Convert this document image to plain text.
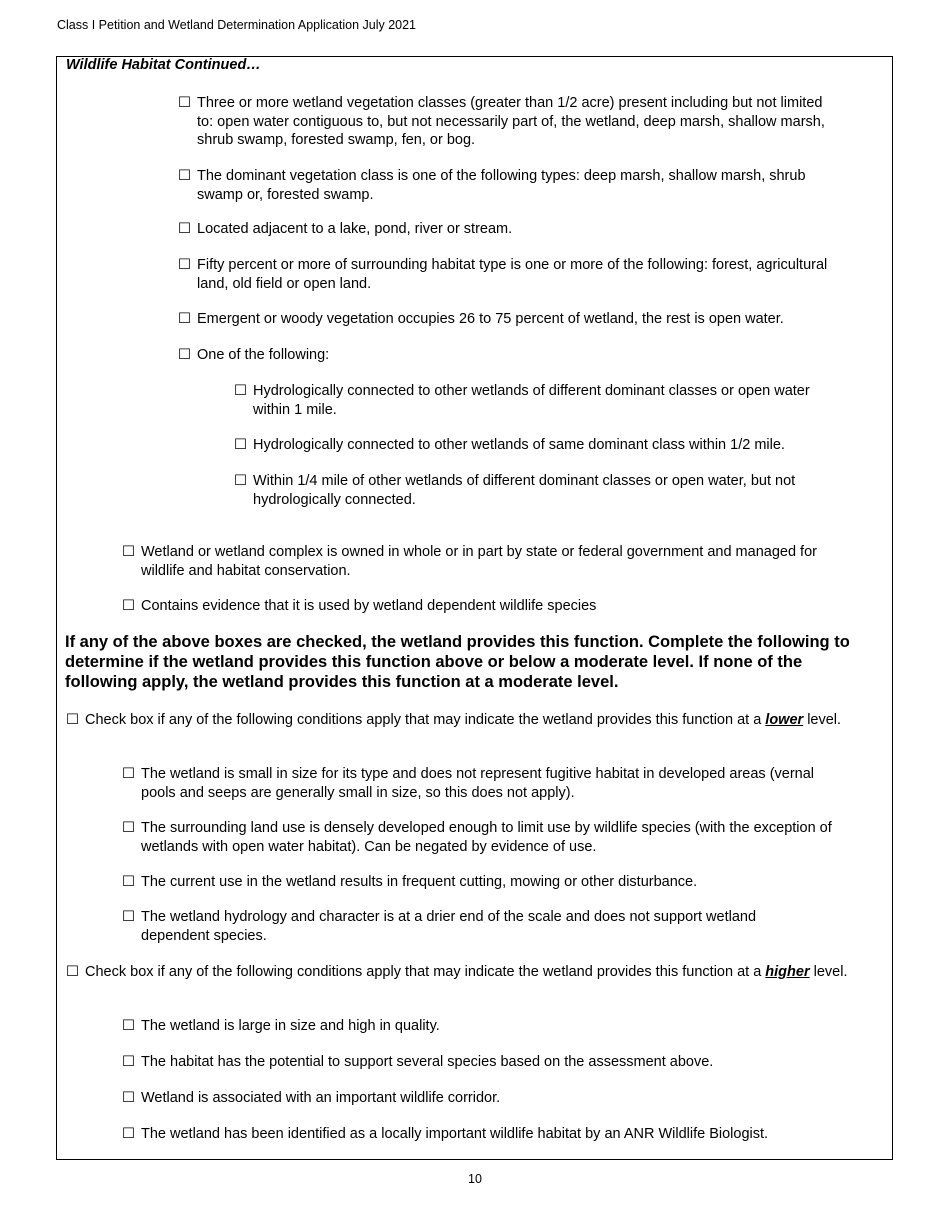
Class I Petition and Wetland Determination Application July 2021
Wildlife Habitat Continued…
☐ Three or more wetland vegetation classes (greater than 1/2 acre) present including but not limited to: open water contiguous to, but not necessarily part of, the wetland, deep marsh, shallow marsh, shrub swamp, forested swamp, fen, or bog.
☐ The dominant vegetation class is one of the following types: deep marsh, shallow marsh, shrub swamp or, forested swamp.
☐ Located adjacent to a lake, pond, river or stream.
☐ Fifty percent or more of surrounding habitat type is one or more of the following: forest, agricultural land, old field or open land.
☐ Emergent or woody vegetation occupies 26 to 75 percent of wetland, the rest is open water.
☐ One of the following:
☐ Hydrologically connected to other wetlands of different dominant classes or open water within 1 mile.
☐ Hydrologically connected to other wetlands of same dominant class within 1/2 mile.
☐ Within 1/4 mile of other wetlands of different dominant classes or open water, but not hydrologically connected.
☐ Wetland or wetland complex is owned in whole or in part by state or federal government and managed for wildlife and habitat conservation.
☐ Contains evidence that it is used by wetland dependent wildlife species
If any of the above boxes are checked, the wetland provides this function. Complete the following to determine if the wetland provides this function above or below a moderate level. If none of the following apply, the wetland provides this function at a moderate level.
☐ Check box if any of the following conditions apply that may indicate the wetland provides this function at a lower level.
☐ The wetland is small in size for its type and does not represent fugitive habitat in developed areas (vernal pools and seeps are generally small in size, so this does not apply).
☐ The surrounding land use is densely developed enough to limit use by wildlife species (with the exception of wetlands with open water habitat). Can be negated by evidence of use.
☐ The current use in the wetland results in frequent cutting, mowing or other disturbance.
☐ The wetland hydrology and character is at a drier end of the scale and does not support wetland dependent species.
☐ Check box if any of the following conditions apply that may indicate the wetland provides this function at a higher level.
☐ The wetland is large in size and high in quality.
☐ The habitat has the potential to support several species based on the assessment above.
☐ Wetland is associated with an important wildlife corridor.
☐ The wetland has been identified as a locally important wildlife habitat by an ANR Wildlife Biologist.
10
